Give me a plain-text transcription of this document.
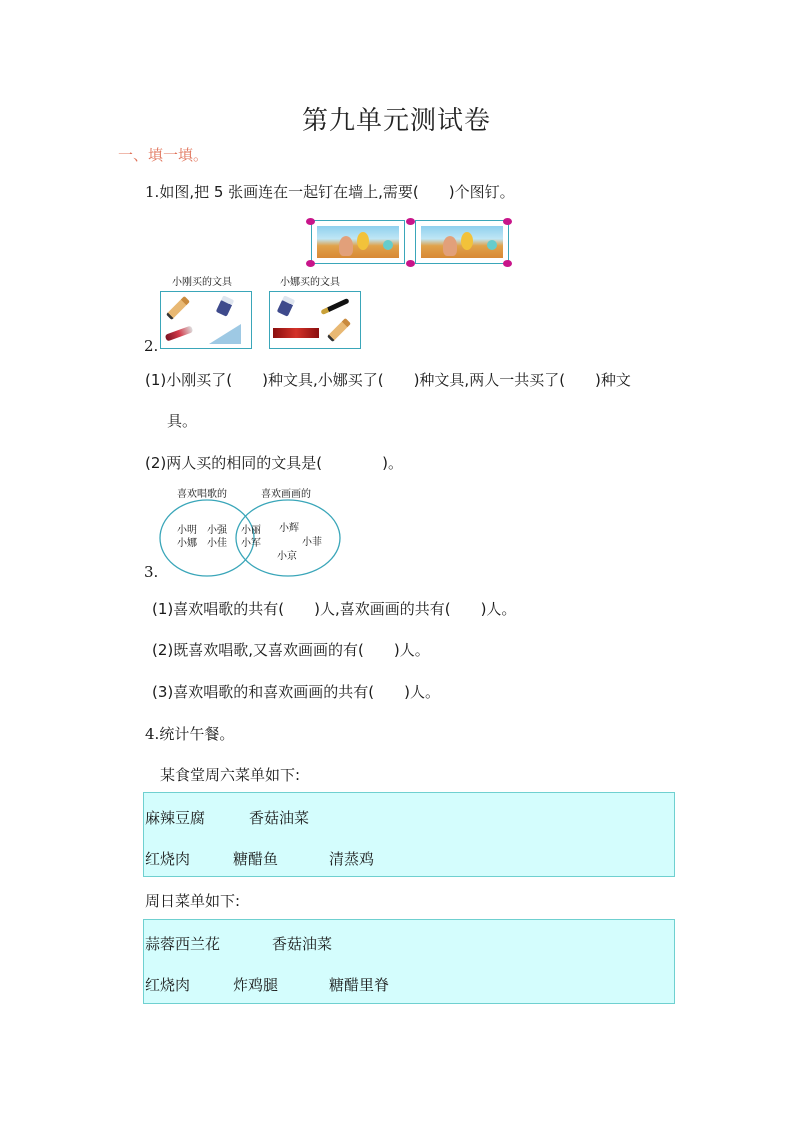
第九单元测试卷
一、填一填。
1.如图,把 5 张画连在一起钉在墙上,需要(　　)个图钉。
小刚买的文具	小娜买的文具
2.
(1)小刚买了(　　)种文具,小娜买了(　　)种文具,两人一共买了(　　)种文
具。
(2)两人买的相同的文具是(　　　　)。
喜欢唱歌的	喜欢画画的
小明 小强
小娜 小佳
小丽
小军
小辉
小菲
小京
3.
(1)喜欢唱歌的共有(　　)人,喜欢画画的共有(　　)人。
(2)既喜欢唱歌,又喜欢画画的有(　　)人。
(3)喜欢唱歌的和喜欢画画的共有(　　)人。
4.统计午餐。
某食堂周六菜单如下:
麻辣豆腐	香菇油菜
红烧肉	糖醋鱼	清蒸鸡
周日菜单如下:
蒜蓉西兰花	香菇油菜
红烧肉	炸鸡腿	糖醋里脊
